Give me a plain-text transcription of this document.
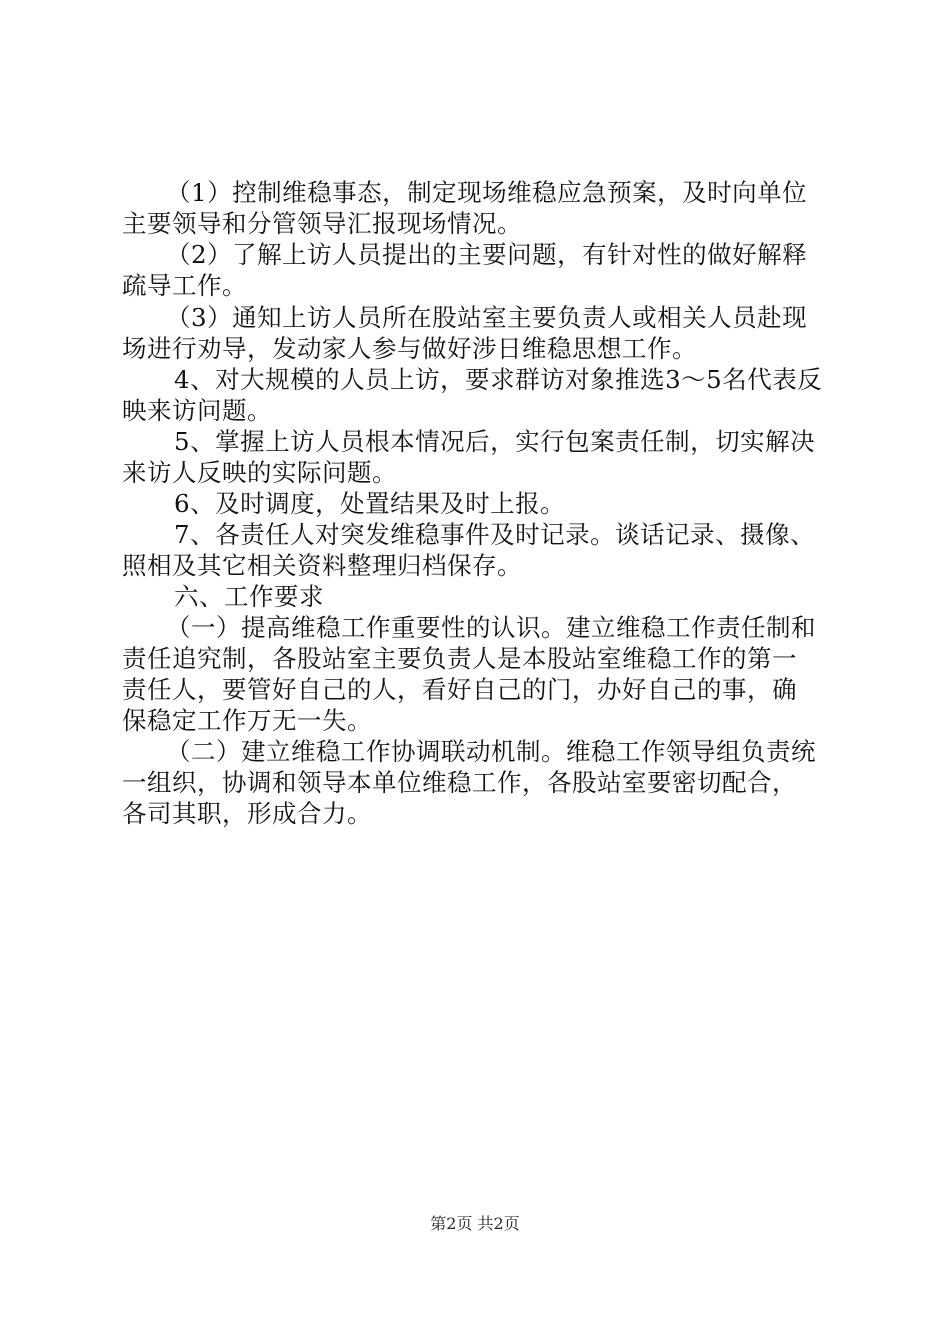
（1）控制维稳事态，制定现场维稳应急预案，及时向单位
主要领导和分管领导汇报现场情况。
（2）了解上访人员提出的主要问题，有针对性的做好解释
疏导工作。
（3）通知上访人员所在股站室主要负责人或相关人员赴现
场进行劝导，发动家人参与做好涉日维稳思想工作。
4、对大规模的人员上访，要求群访对象推选3～5名代表反
映来访问题。
5、掌握上访人员根本情况后，实行包案责任制，切实解决
来访人反映的实际问题。
6、及时调度，处置结果及时上报。
7、各责任人对突发维稳事件及时记录。谈话记录、摄像、
照相及其它相关资料整理归档保存。
六、工作要求
（一）提高维稳工作重要性的认识。建立维稳工作责任制和
责任追究制，各股站室主要负责人是本股站室维稳工作的第一
责任人，要管好自己的人，看好自己的门，办好自己的事，确
保稳定工作万无一失。
（二）建立维稳工作协调联动机制。维稳工作领导组负责统
一组织，协调和领导本单位维稳工作，各股站室要密切配合，
各司其职，形成合力。
第2页 共2页
